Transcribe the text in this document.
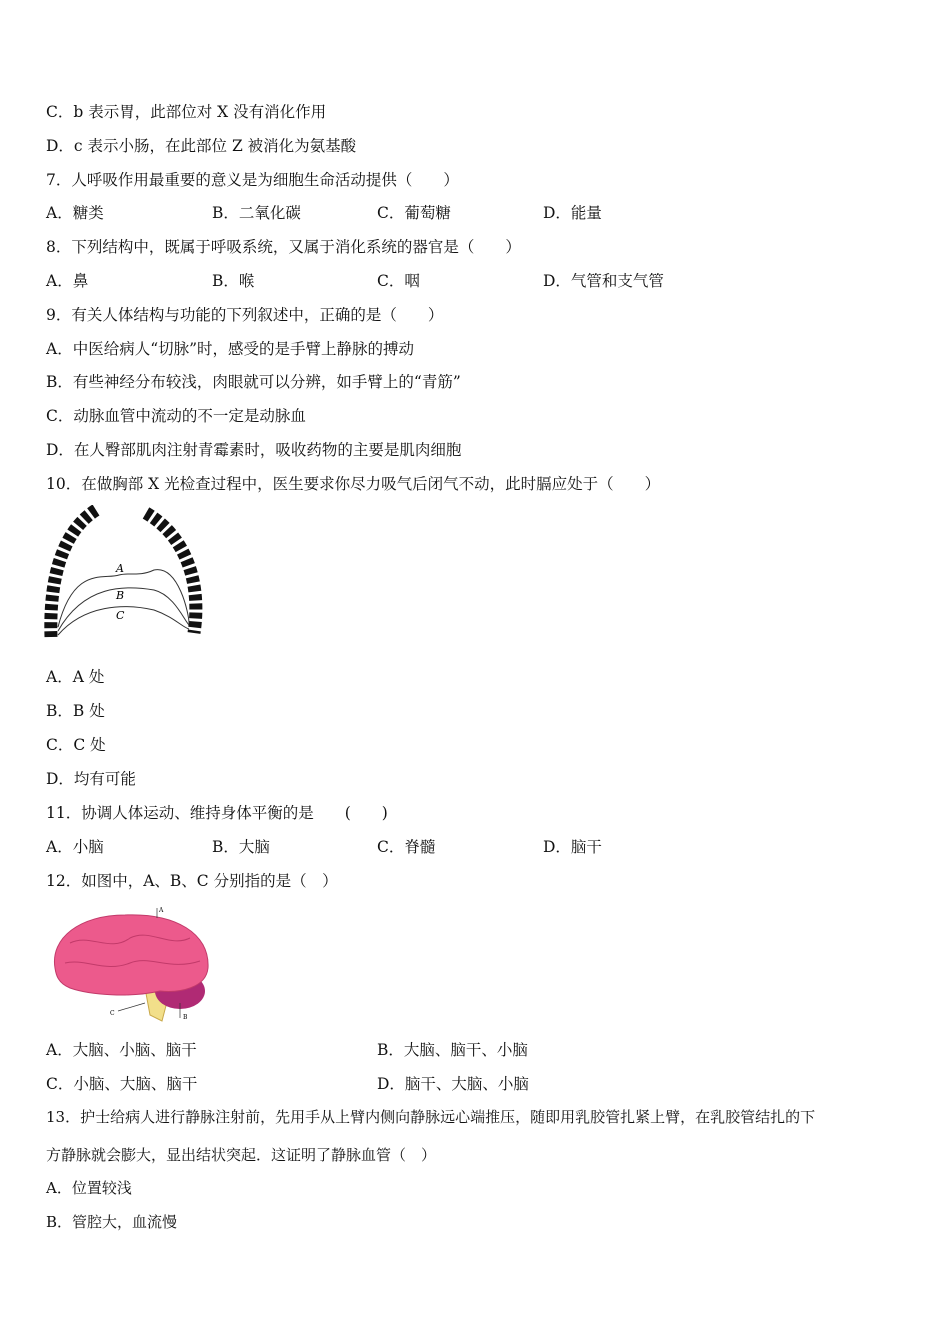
C．b 表示胃，此部位对 X 没有消化作用
D．c 表示小肠，在此部位 Z 被消化为氨基酸
7．人呼吸作用最重要的意义是为细胞生命活动提供（　　）
A．糖类	B．二氧化碳	C．葡萄糖	D．能量
8．下列结构中，既属于呼吸系统，又属于消化系统的器官是（　　）
A．鼻	B．喉	C．咽	D．气管和支气管
9．有关人体结构与功能的下列叙述中，正确的是（　　）
A．中医给病人“切脉”时，感受的是手臂上静脉的搏动
B．有些神经分布较浅，肉眼就可以分辨，如手臂上的“青筋”
C．动脉血管中流动的不一定是动脉血
D．在人臀部肌肉注射青霉素时，吸收药物的主要是肌肉细胞
10．在做胸部 X 光检查过程中，医生要求你尽力吸气后闭气不动，此时膈应处于（　　）
A
B
C
A．A 处
B．B 处
C．C 处
D．均有可能
11．协调人体运动、维持身体平衡的是　　(　　)
A．小脑	B．大脑	C．脊髓	D．脑干
12．如图中，A、B、C 分别指的是（　）
A
B
C
A．大脑、小脑、脑干	B．大脑、脑干、小脑
C．小脑、大脑、脑干	D．脑干、大脑、小脑
13．护士给病人进行静脉注射前，先用手从上臂内侧向静脉远心端推压，随即用乳胶管扎紧上臂，在乳胶管结扎的下
方静脉就会膨大，显出结状突起．这证明了静脉血管（　）
A．位置较浅
B．管腔大，血流慢
